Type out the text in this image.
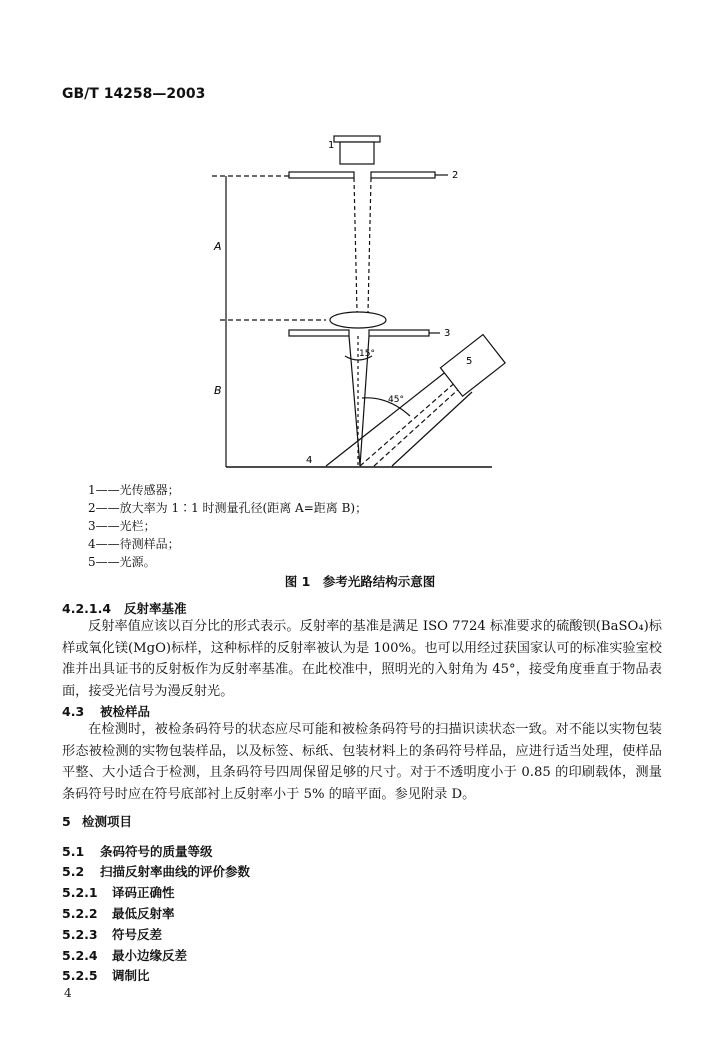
GB/T 14258—2003
1
2
3
4
5
A
B
15°
45°
1——光传感器；
2——放大率为 1∶1 时测量孔径(距离 A=距离 B)；
3——光栏；
4——待测样品；
5——光源。
图 1　参考光路结构示意图
4.2.1.4 反射率基准
反射率值应该以百分比的形式表示。反射率的基准是满足 ISO 7724 标准要求的硫酸钡(BaSO₄)标样或氧化镁(MgO)标样，这种标样的反射率被认为是 100%。也可以用经过获国家认可的标准实验室校准并出具证书的反射板作为反射率基准。在此校准中，照明光的入射角为 45°，接受角度垂直于物品表面，接受光信号为漫反射光。
4.3 被检样品
在检测时，被检条码符号的状态应尽可能和被检条码符号的扫描识读状态一致。对不能以实物包装形态被检测的实物包装样品，以及标签、标纸、包装材料上的条码符号样品，应进行适当处理，使样品平整、大小适合于检测，且条码符号四周保留足够的尺寸。对于不透明度小于 0.85 的印刷载体，测量条码符号时应在符号底部衬上反射率小于 5% 的暗平面。参见附录 D。
5 检测项目
5.1 条码符号的质量等级
5.2 扫描反射率曲线的评价参数
5.2.1 译码正确性
5.2.2 最低反射率
5.2.3 符号反差
5.2.4 最小边缘反差
5.2.5 调制比
4
